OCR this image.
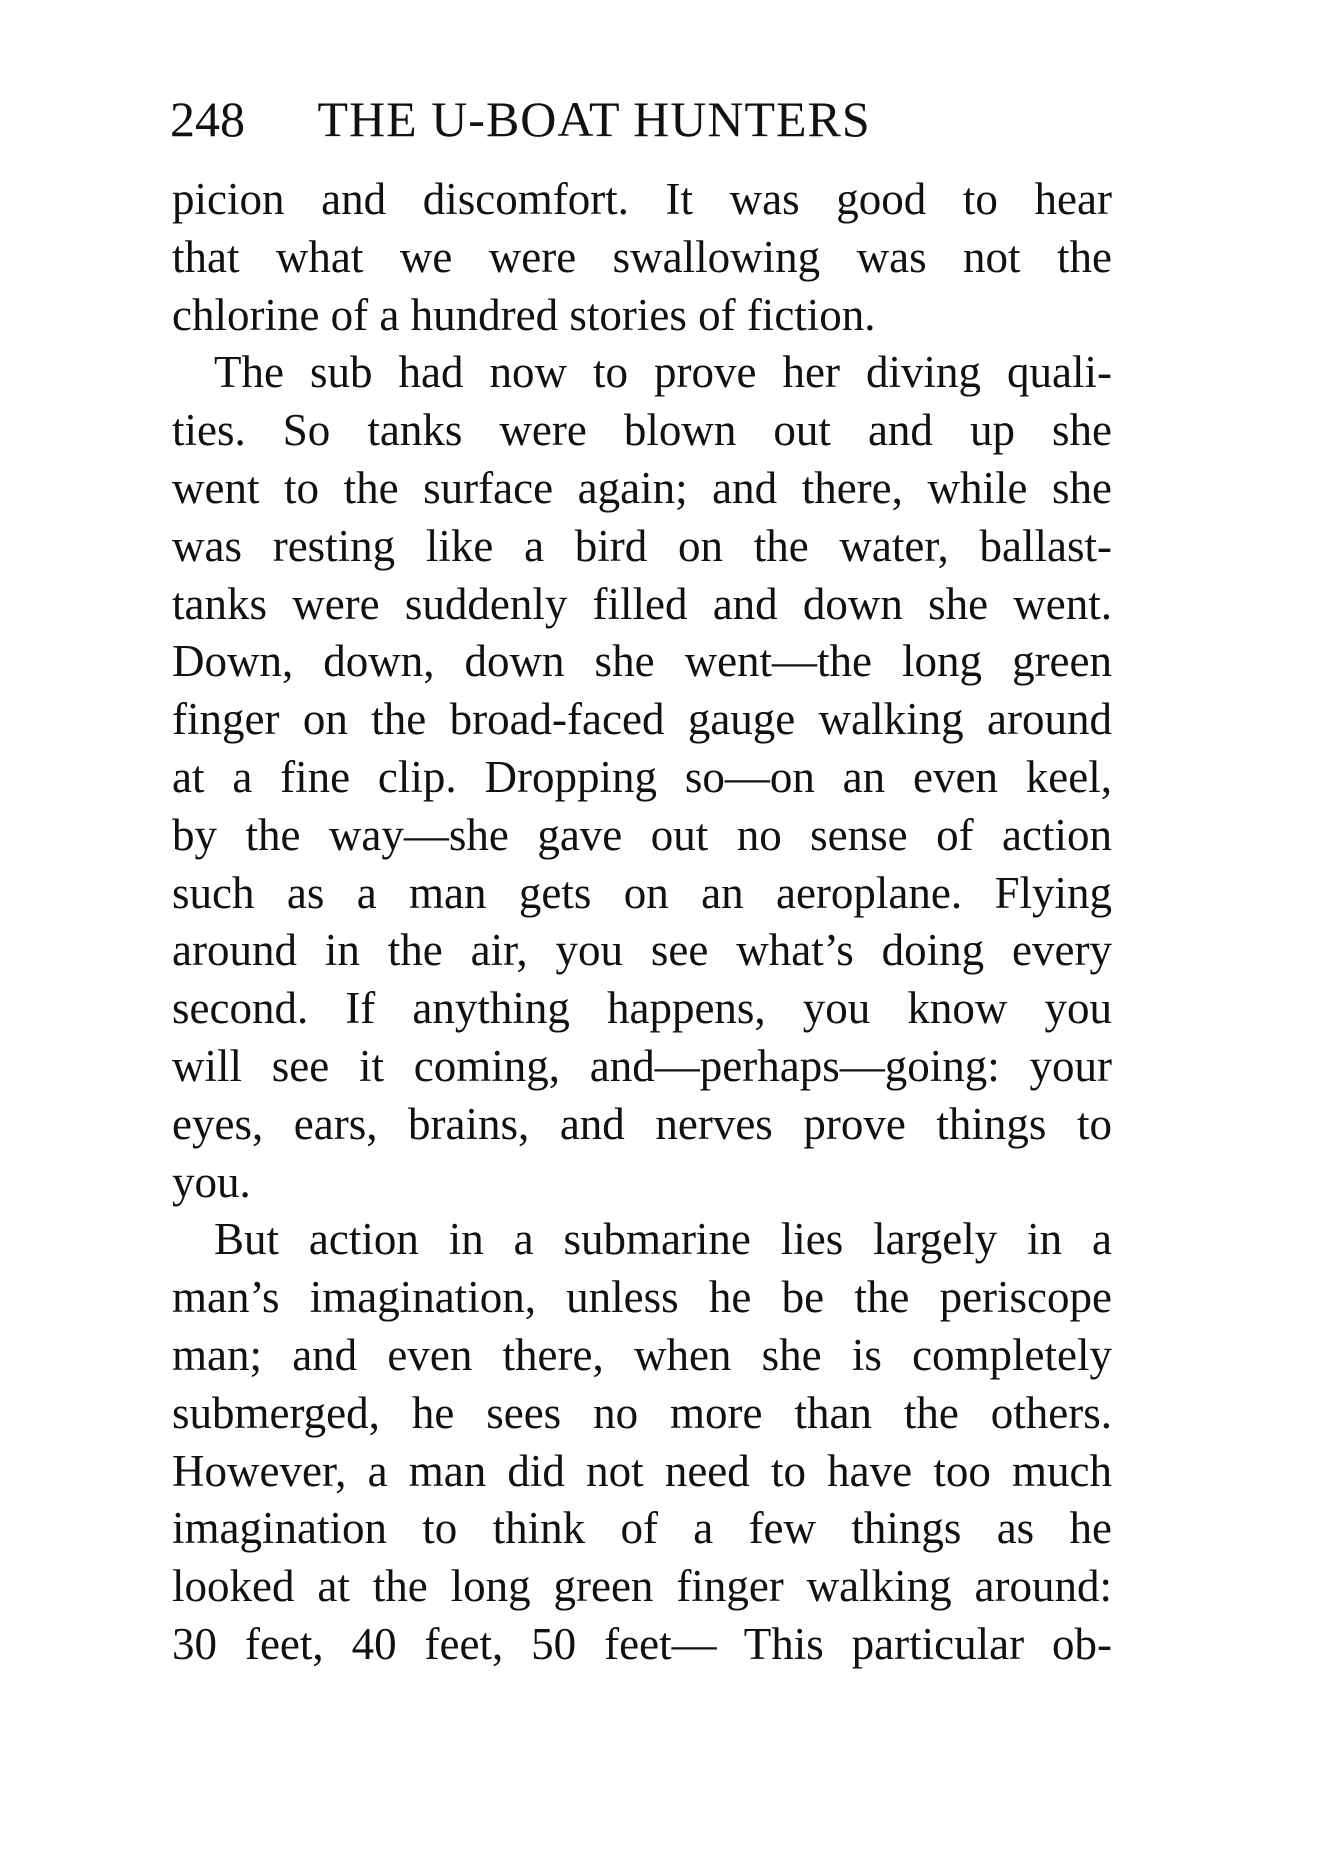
248 THE U-BOAT HUNTERS
picion and discomfort. It was good to hear
that what we were swallowing was not the
chlorine of a hundred stories of fiction.
The sub had now to prove her diving quali-
ties. So tanks were blown out and up she
went to the surface again; and there, while she
was resting like a bird on the water, ballast-
tanks were suddenly filled and down she went.
Down, down, down she went—the long green
finger on the broad-faced gauge walking around
at a fine clip. Dropping so—on an even keel,
by the way—she gave out no sense of action
such as a man gets on an aeroplane. Flying
around in the air, you see what’s doing every
second. If anything happens, you know you
will see it coming, and—perhaps—going: your
eyes, ears, brains, and nerves prove things to
you.
But action in a submarine lies largely in a
man’s imagination, unless he be the periscope
man; and even there, when she is completely
submerged, he sees no more than the others.
However, a man did not need to have too much
imagination to think of a few things as he
looked at the long green finger walking around:
30 feet, 40 feet, 50 feet— This particular ob-
